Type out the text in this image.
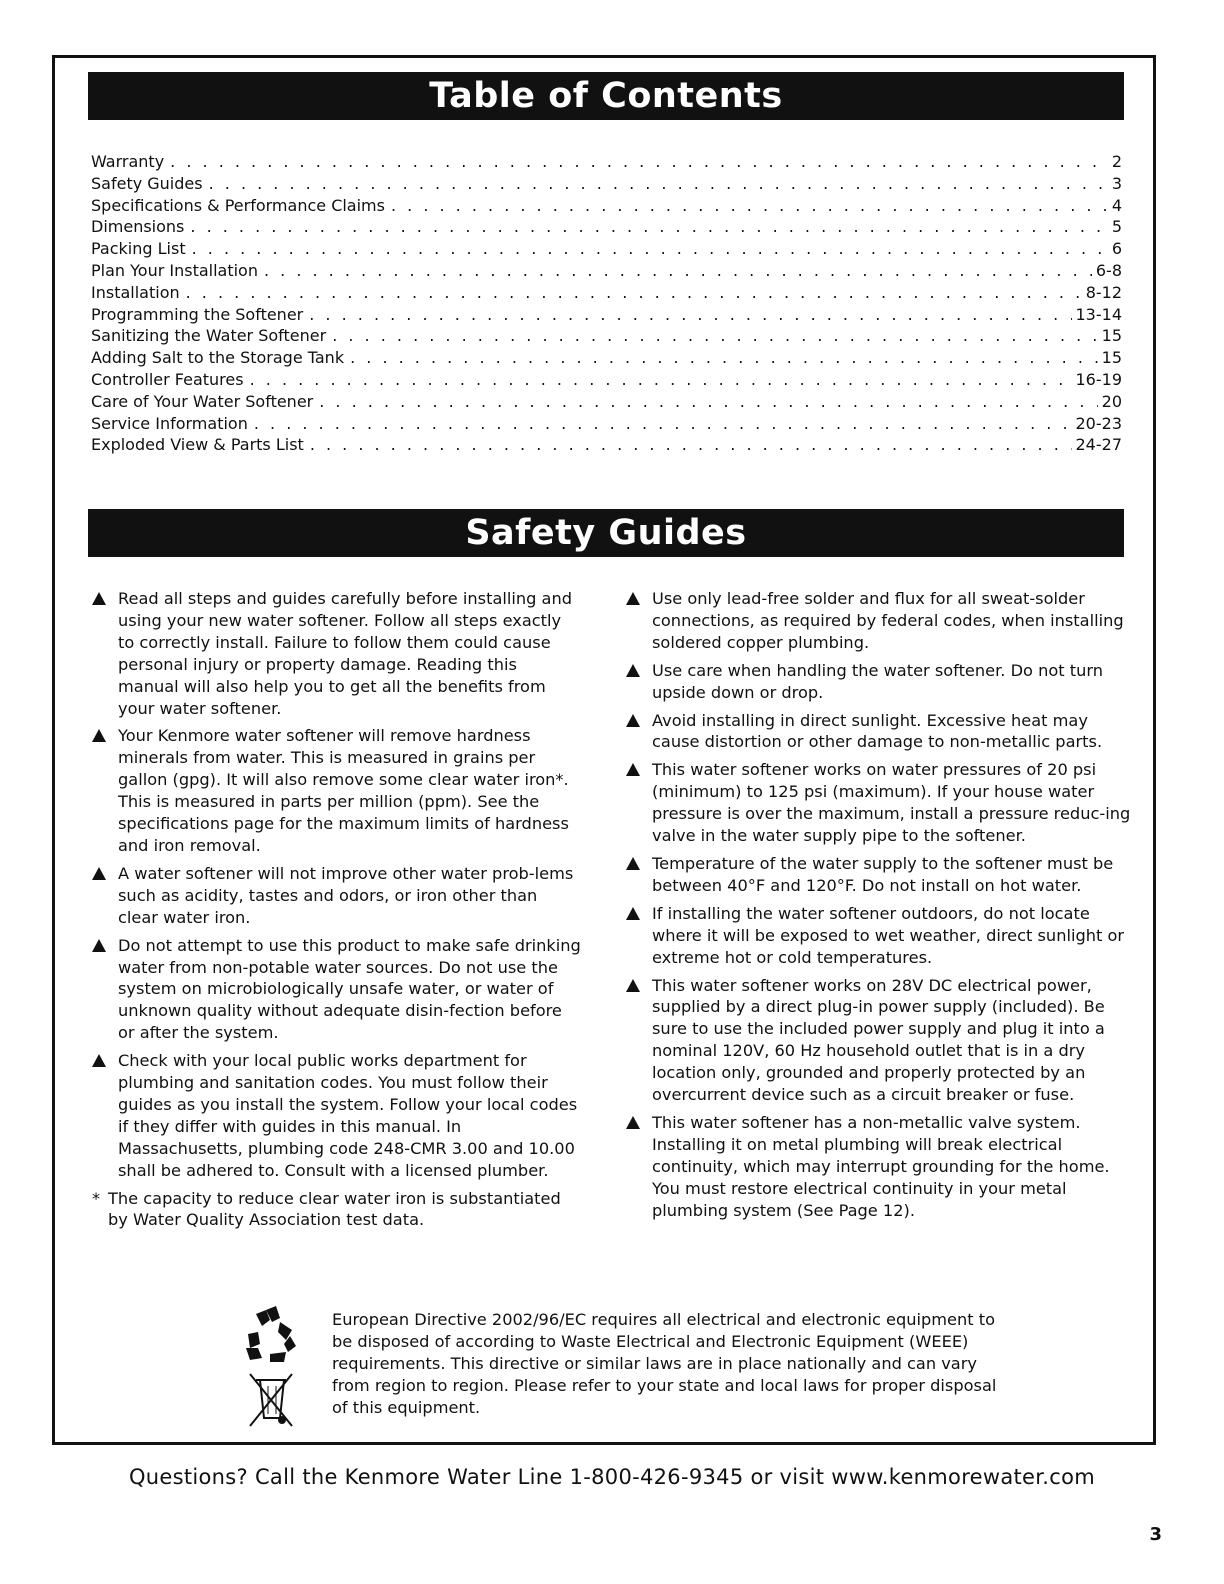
Table of Contents
Warranty . . .	2
Safety Guides . . .	3
Specifications & Performance Claims . . .	4
Dimensions . . .	5
Packing List . . .	6
Plan Your Installation . . .	6-8
Installation . . .	8-12
Programming the Softener . . .	13-14
Sanitizing the Water Softener . . .	15
Adding Salt to the Storage Tank . . .	15
Controller Features . . .	16-19
Care of Your Water Softener . . .	20
Service Information . . .	20-23
Exploded View & Parts List . . .	24-27
Safety Guides
Read all steps and guides carefully before installing and using your new water softener. Follow all steps exactly to correctly install. Failure to follow them could cause personal injury or property damage. Reading this manual will also help you to get all the benefits from your water softener.
Your Kenmore water softener will remove hardness minerals from water. This is measured in grains per gallon (gpg). It will also remove some clear water iron*. This is measured in parts per million (ppm). See the specifications page for the maximum limits of hardness and iron removal.
A water softener will not improve other water prob-lems such as acidity, tastes and odors, or iron other than clear water iron.
Do not attempt to use this product to make safe drinking water from non-potable water sources. Do not use the system on microbiologically unsafe water, or water of unknown quality without adequate disin-fection before or after the system.
Check with your local public works department for plumbing and sanitation codes. You must follow their guides as you install the system. Follow your local codes if they differ with guides in this manual. In Massachusetts, plumbing code 248-CMR 3.00 and 10.00 shall be adhered to. Consult with a licensed plumber.
* The capacity to reduce clear water iron is substantiated by Water Quality Association test data.
Use only lead-free solder and flux for all sweat-solder connections, as required by federal codes, when installing soldered copper plumbing.
Use care when handling the water softener. Do not turn upside down or drop.
Avoid installing in direct sunlight. Excessive heat may cause distortion or other damage to non-metallic parts.
This water softener works on water pressures of 20 psi (minimum) to 125 psi (maximum). If your house water pressure is over the maximum, install a pressure reduc-ing valve in the water supply pipe to the softener.
Temperature of the water supply to the softener must be between 40°F and 120°F. Do not install on hot water.
If installing the water softener outdoors, do not locate where it will be exposed to wet weather, direct sunlight or extreme hot or cold temperatures.
This water softener works on 28V DC electrical power, supplied by a direct plug-in power supply (included). Be sure to use the included power supply and plug it into a nominal 120V, 60 Hz household outlet that is in a dry location only, grounded and properly protected by an overcurrent device such as a circuit breaker or fuse.
This water softener has a non-metallic valve system. Installing it on metal plumbing will break electrical continuity, which may interrupt grounding for the home. You must restore electrical continuity in your metal plumbing system (See Page 12).
European Directive 2002/96/EC requires all electrical and electronic equipment to be disposed of according to Waste Electrical and Electronic Equipment (WEEE) requirements. This directive or similar laws are in place nationally and can vary from region to region. Please refer to your state and local laws for proper disposal of this equipment.
Questions? Call the Kenmore Water Line 1-800-426-9345 or visit www.kenmorewater.com
3
